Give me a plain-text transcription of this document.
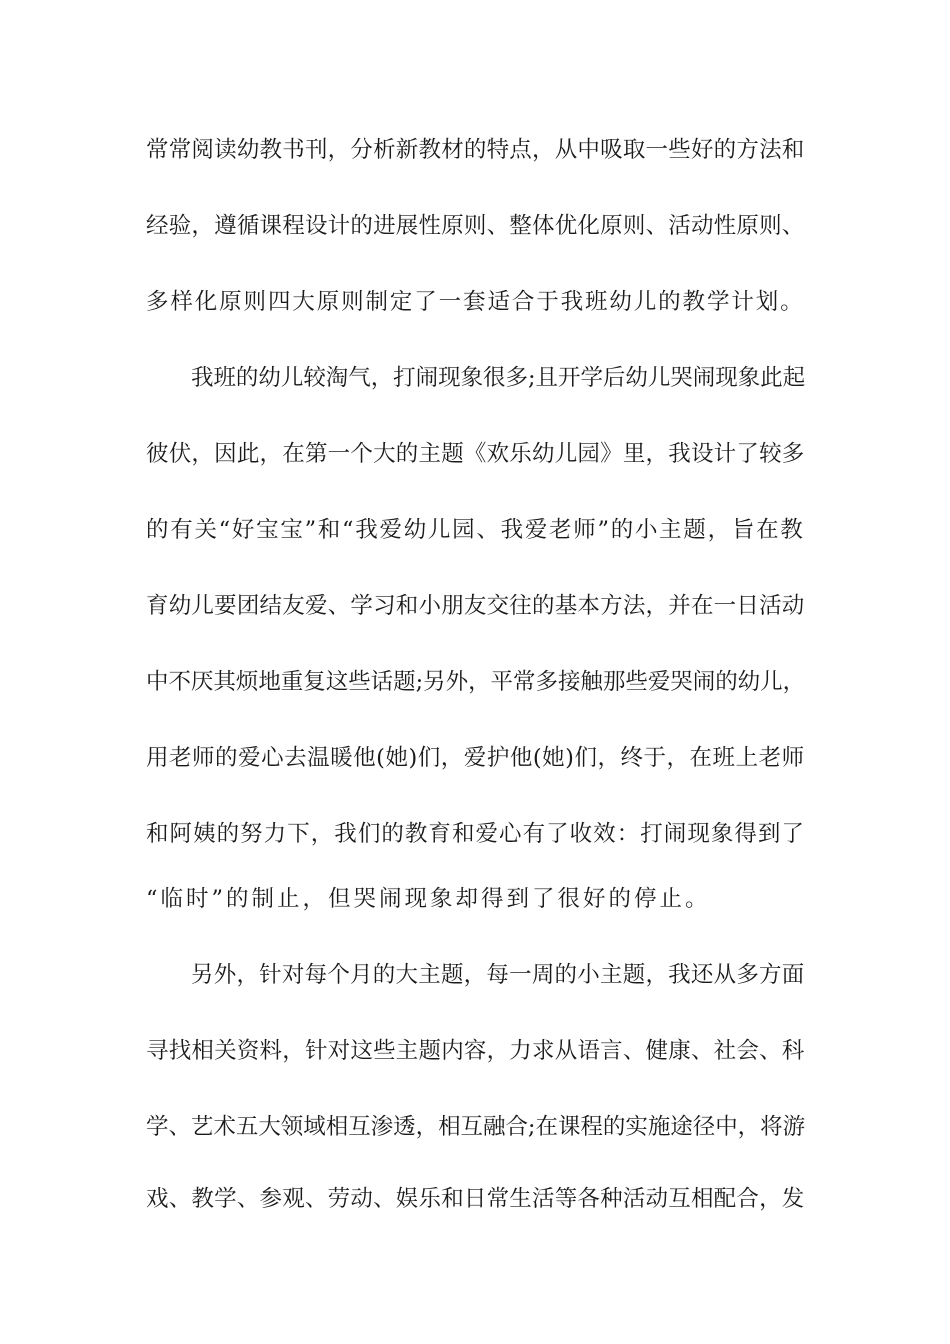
常常阅读幼教书刊，分析新教材的特点，从中吸取一些好的方法和
经验，遵循课程设计的进展性原则、整体优化原则、活动性原则、
多样化原则四大原则制定了一套适合于我班幼儿的教学计划。
我班的幼儿较淘气，打闹现象很多;且开学后幼儿哭闹现象此起
彼伏，因此，在第一个大的主题《欢乐幼儿园》里，我设计了较多
的有关“好宝宝”和“我爱幼儿园、我爱老师”的小主题，旨在教
育幼儿要团结友爱、学习和小朋友交往的基本方法，并在一日活动
中不厌其烦地重复这些话题;另外，平常多接触那些爱哭闹的幼儿，
用老师的爱心去温暖他(她)们，爱护他(她)们，终于，在班上老师
和阿姨的努力下，我们的教育和爱心有了收效：打闹现象得到了
“临时”的制止，但哭闹现象却得到了很好的停止。
另外，针对每个月的大主题，每一周的小主题，我还从多方面
寻找相关资料，针对这些主题内容，力求从语言、健康、社会、科
学、艺术五大领域相互渗透，相互融合;在课程的实施途径中，将游
戏、教学、参观、劳动、娱乐和日常生活等各种活动互相配合，发
